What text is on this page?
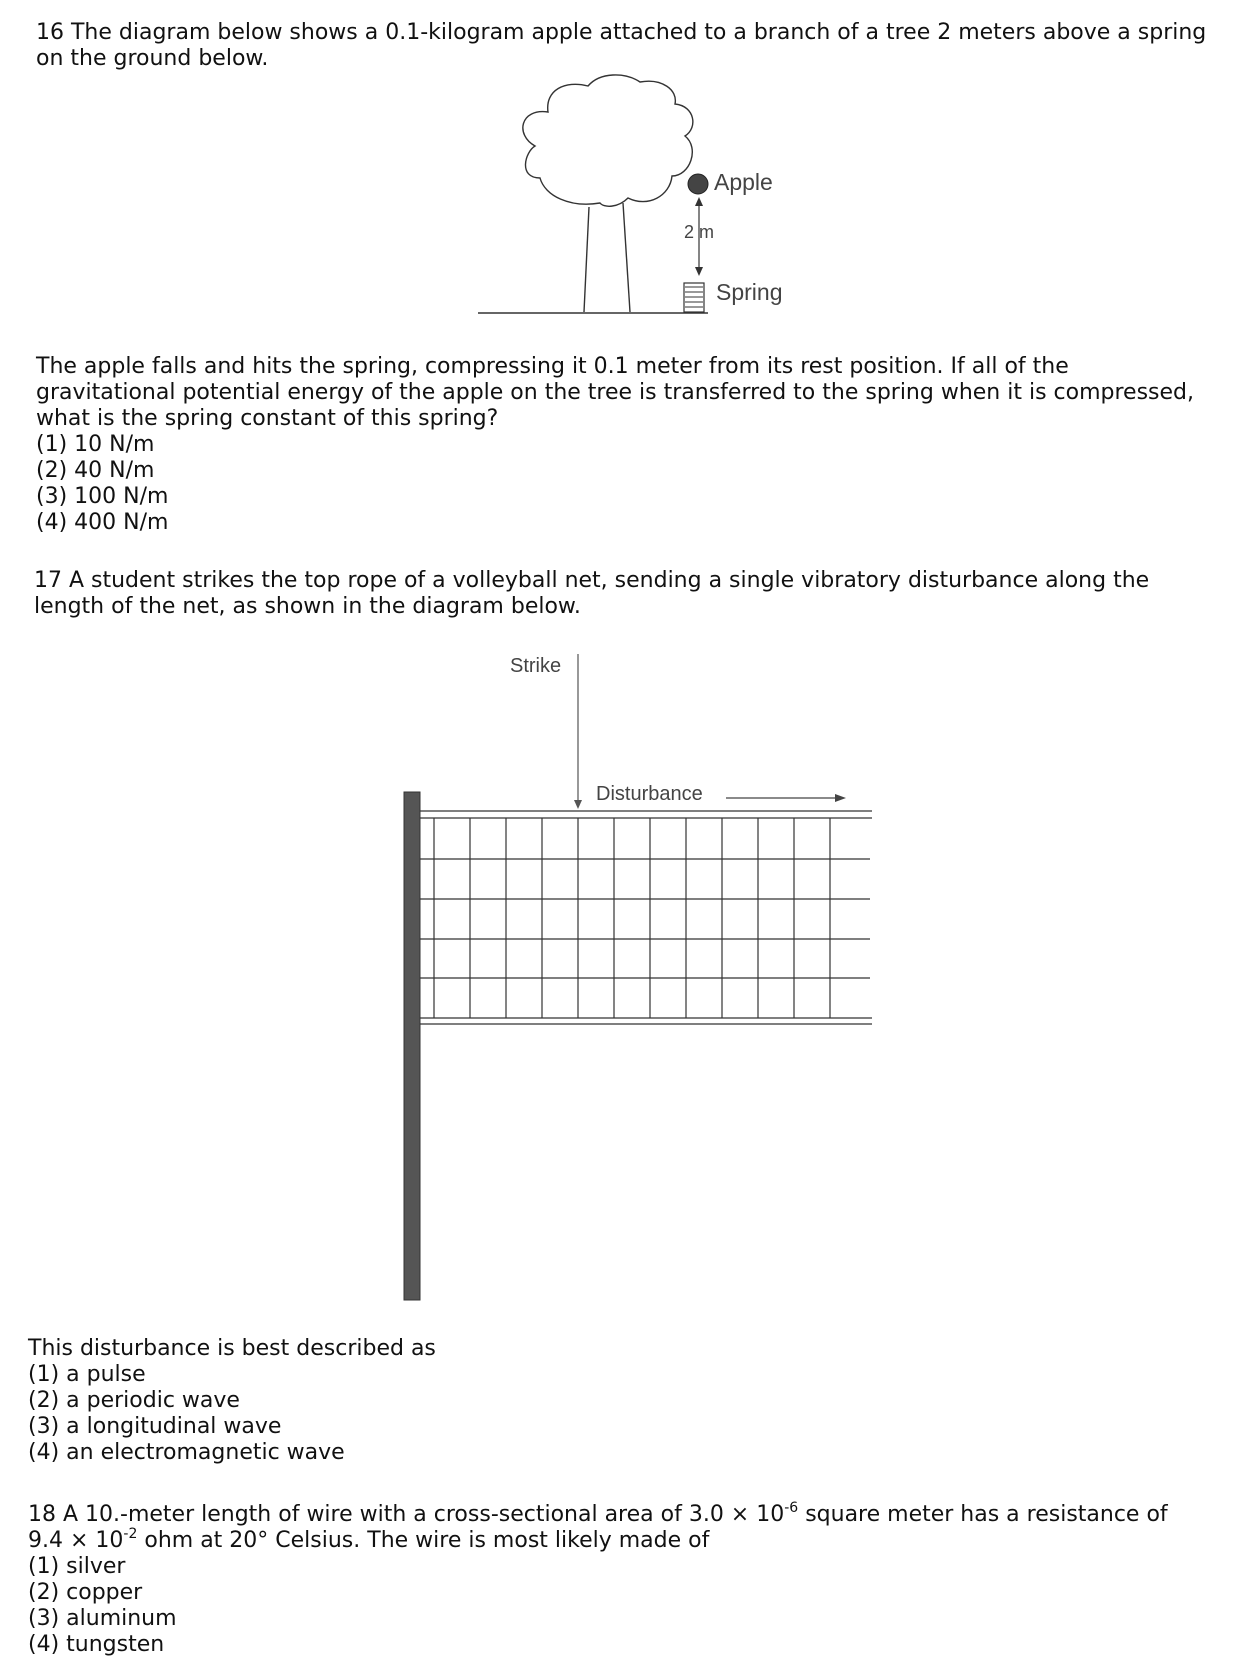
16 The diagram below shows a 0.1-kilogram apple attached to a branch of a tree 2 meters above a spring
on the ground below.
Apple
2 m
Spring
The apple falls and hits the spring, compressing it 0.1 meter from its rest position. If all of the
gravitational potential energy of the apple on the tree is transferred to the spring when it is compressed,
what is the spring constant of this spring?
(1) 10 N/m
(2) 40 N/m
(3) 100 N/m
(4) 400 N/m
17 A student strikes the top rope of a volleyball net, sending a single vibratory disturbance along the
length of the net, as shown in the diagram below.
Strike
Disturbance
This disturbance is best described as
(1) a pulse
(2) a periodic wave
(3) a longitudinal wave
(4) an electromagnetic wave
18 A 10.-meter length of wire with a cross-sectional area of $3.0 \times 10^{-6}$ square meter has a resistance of
$9.4 \times 10^{-2}$ ohm at 20° Celsius. The wire is most likely made of
(1) silver
(2) copper
(3) aluminum
(4) tungsten
